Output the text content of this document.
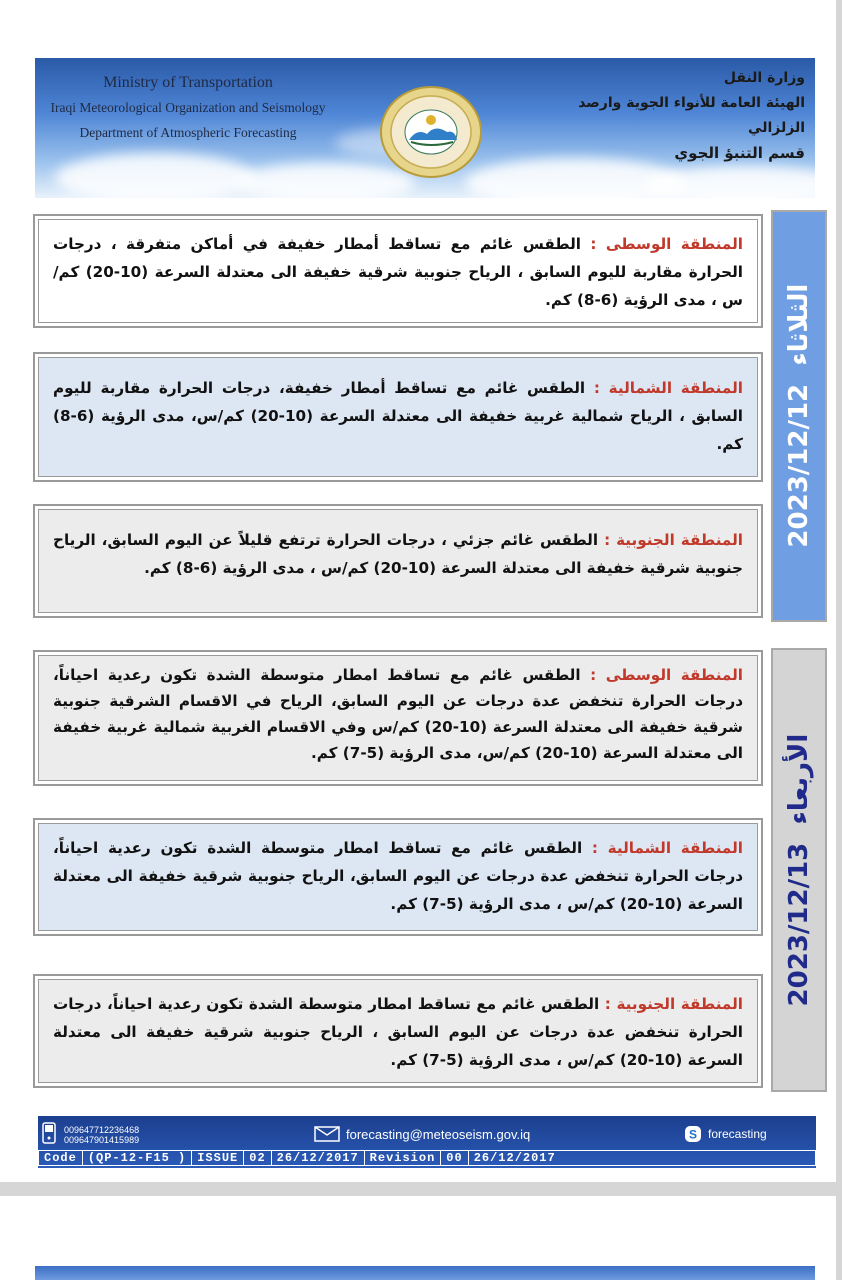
Ministry of Transportation
Iraqi Meteorological Organization and Seismology
Department of Atmospheric Forecasting
وزارة النقل
الهيئة العامة للأنواء الجوية وارصد الزلزالي
قسم التنبؤ الجوي
2023/12/12
الثلاثاء
المنطقة الوسطى : الطقس غائم مع تساقط أمطار خفيفة في أماكن متفرقة ، درجات الحرارة مقاربة لليوم السابق ، الرياح جنوبية شرقية خفيفة الى معتدلة السرعة (10-20) كم/س ، مدى الرؤية (6-8) كم.
المنطقة الشمالية : الطقس غائم مع تساقط أمطار خفيفة، درجات الحرارة مقاربة لليوم السابق ، الرياح شمالية غربية خفيفة الى معتدلة السرعة (10-20) كم/س، مدى الرؤية (6-8) كم.
المنطقة الجنوبية : الطقس غائم جزئي ، درجات الحرارة ترتفع قليلاً عن اليوم السابق، الرياح جنوبية شرقية خفيفة الى معتدلة السرعة (10-20) كم/س ، مدى الرؤية (6-8) كم.
2023/12/13
الأربعاء
المنطقة الوسطى : الطقس غائم مع تساقط امطار متوسطة الشدة تكون رعدية احياناً، درجات الحرارة تنخفض عدة درجات عن اليوم السابق، الرياح في الاقسام الشرقية جنوبية شرقية خفيفة الى معتدلة السرعة (10-20) كم/س وفي الاقسام الغربية شمالية غربية خفيفة الى معتدلة السرعة (10-20) كم/س، مدى الرؤية (5-7) كم.
المنطقة الشمالية : الطقس غائم مع تساقط امطار متوسطة الشدة تكون رعدية احياناً، درجات الحرارة تنخفض عدة درجات عن اليوم السابق، الرياح جنوبية شرقية خفيفة الى معتدلة السرعة (10-20) كم/س ، مدى الرؤية (5-7) كم.
المنطقة الجنوبية : الطقس غائم مع تساقط امطار متوسطة الشدة تكون رعدية احياناً، درجات الحرارة تنخفض عدة درجات عن اليوم السابق ، الرياح جنوبية شرقية خفيفة الى معتدلة السرعة (10-20) كم/س ، مدى الرؤية (5-7) كم.
009647712236468
009647901415989	forecasting@meteoseism.gov.iq	S forecasting
Code (QP-12-F15 ) ISSUE 02 26/12/2017 Revision 00 26/12/2017
